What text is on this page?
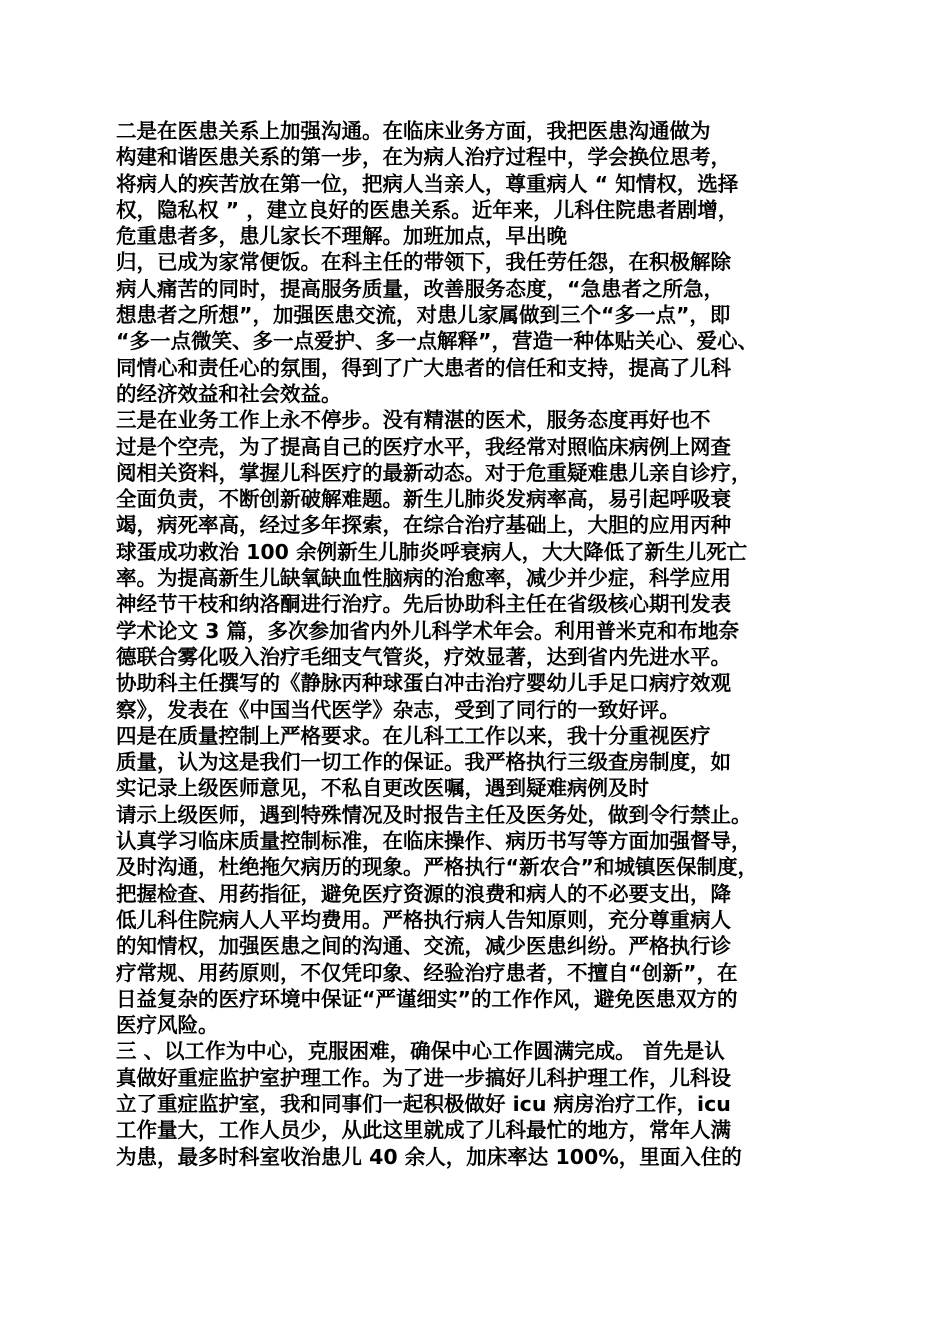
二是在医患关系上加强沟通。在临床业务方面，我把医患沟通做为
构建和谐医患关系的第一步，在为病人治疗过程中，学会换位思考，
将病人的疾苦放在第一位，把病人当亲人，尊重病人 “ 知情权，选择
权，隐私权 ” ，建立良好的医患关系。近年来，儿科住院患者剧增，
危重患者多，患儿家长不理解。加班加点，早出晚
归，已成为家常便饭。在科主任的带领下，我任劳任怨，在积极解除
病人痛苦的同时，提高服务质量，改善服务态度，“急患者之所急，
想患者之所想”，加强医患交流，对患儿家属做到三个“多一点”，即
“多一点微笑、多一点爱护、多一点解释”，营造一种体贴关心、爱心、
同情心和责任心的氛围，得到了广大患者的信任和支持，提高了儿科
的经济效益和社会效益。
三是在业务工作上永不停步。没有精湛的医术，服务态度再好也不
过是个空壳，为了提高自己的医疗水平，我经常对照临床病例上网查
阅相关资料，掌握儿科医疗的最新动态。对于危重疑难患儿亲自诊疗，
全面负责，不断创新破解难题。新生儿肺炎发病率高，易引起呼吸衰
竭，病死率高，经过多年探索，在综合治疗基础上，大胆的应用丙种
球蛋成功救治 100 余例新生儿肺炎呼衰病人，大大降低了新生儿死亡
率。为提高新生儿缺氧缺血性脑病的治愈率，减少并少症，科学应用
神经节干枝和纳洛酮进行治疗。先后协助科主任在省级核心期刊发表
学术论文 3 篇，多次参加省内外儿科学术年会。利用普米克和布地奈
德联合雾化吸入治疗毛细支气管炎，疗效显著，达到省内先进水平。
协助科主任撰写的《静脉丙种球蛋白冲击治疗婴幼儿手足口病疗效观
察》，发表在《中国当代医学》杂志，受到了同行的一致好评。
四是在质量控制上严格要求。在儿科工工作以来，我十分重视医疗
质量，认为这是我们一切工作的保证。我严格执行三级查房制度，如
实记录上级医师意见，不私自更改医嘱，遇到疑难病例及时
请示上级医师，遇到特殊情况及时报告主任及医务处，做到令行禁止。
认真学习临床质量控制标准，在临床操作、病历书写等方面加强督导，
及时沟通，杜绝拖欠病历的现象。严格执行“新农合”和城镇医保制度，
把握检查、用药指征，避免医疗资源的浪费和病人的不必要支出，降
低儿科住院病人人平均费用。严格执行病人告知原则，充分尊重病人
的知情权，加强医患之间的沟通、交流，减少医患纠纷。严格执行诊
疗常规、用药原则，不仅凭印象、经验治疗患者，不擅自“创新”，在
日益复杂的医疗环境中保证“严谨细实”的工作作风，避免医患双方的
医疗风险。
三 、以工作为中心，克服困难，确保中心工作圆满完成。 首先是认
真做好重症监护室护理工作。为了进一步搞好儿科护理工作，儿科设
立了重症监护室，我和同事们一起积极做好 icu 病房治疗工作，icu
工作量大，工作人员少，从此这里就成了儿科最忙的地方，常年人满
为患，最多时科室收治患儿 40 余人，加床率达 100%，里面入住的
